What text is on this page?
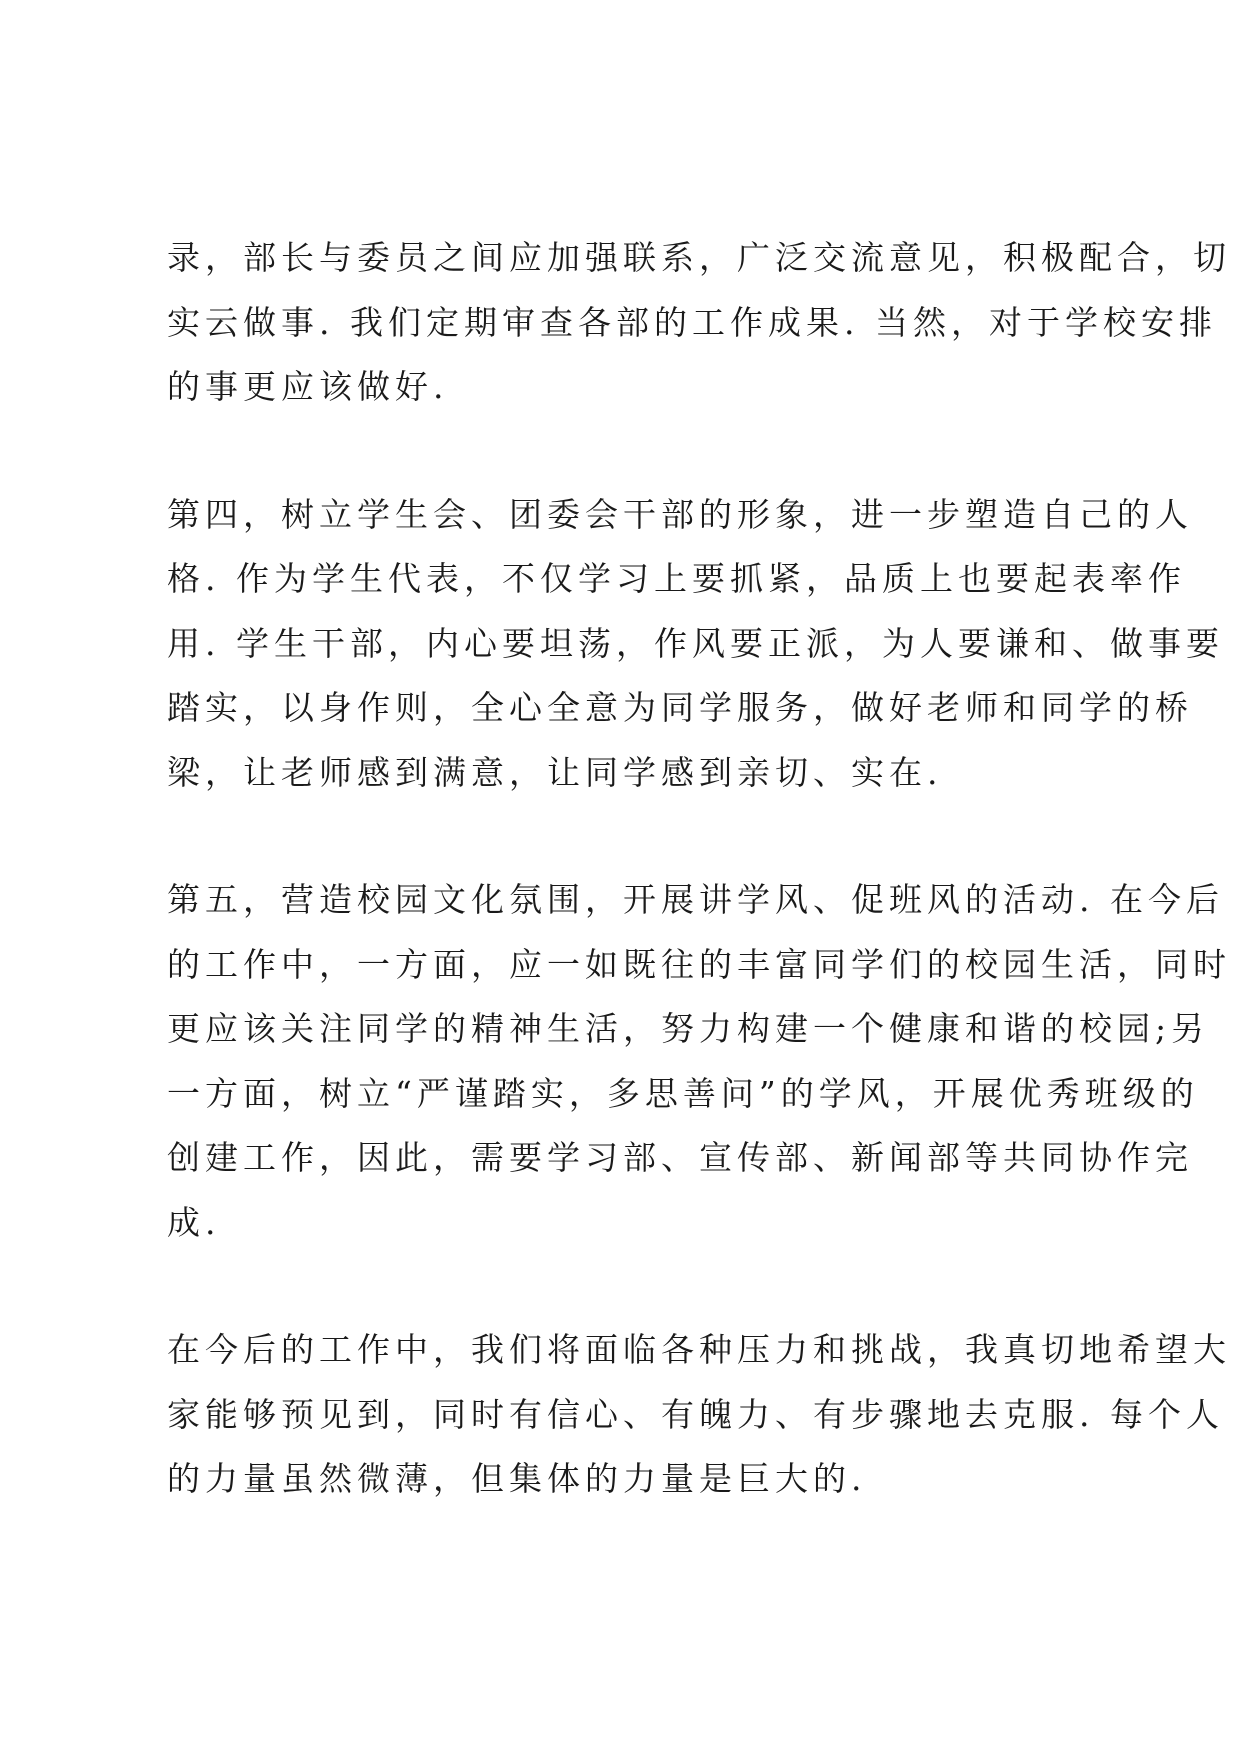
录，部长与委员之间应加强联系，广泛交流意见，积极配合，切
实云做事. 我们定期审查各部的工作成果. 当然，对于学校安排
的事更应该做好.
第四，树立学生会、团委会干部的形象，进一步塑造自己的人
格. 作为学生代表，不仅学习上要抓紧，品质上也要起表率作
用. 学生干部，内心要坦荡，作风要正派，为人要谦和、做事要
踏实，以身作则，全心全意为同学服务，做好老师和同学的桥
梁，让老师感到满意，让同学感到亲切、实在.
第五，营造校园文化氛围，开展讲学风、促班风的活动. 在今后
的工作中，一方面，应一如既往的丰富同学们的校园生活，同时
更应该关注同学的精神生活，努力构建一个健康和谐的校园;另
一方面，树立“严谨踏实，多思善问”的学风，开展优秀班级的
创建工作，因此，需要学习部、宣传部、新闻部等共同协作完
成.
在今后的工作中，我们将面临各种压力和挑战，我真切地希望大
家能够预见到，同时有信心、有魄力、有步骤地去克服. 每个人
的力量虽然微薄，但集体的力量是巨大的.
